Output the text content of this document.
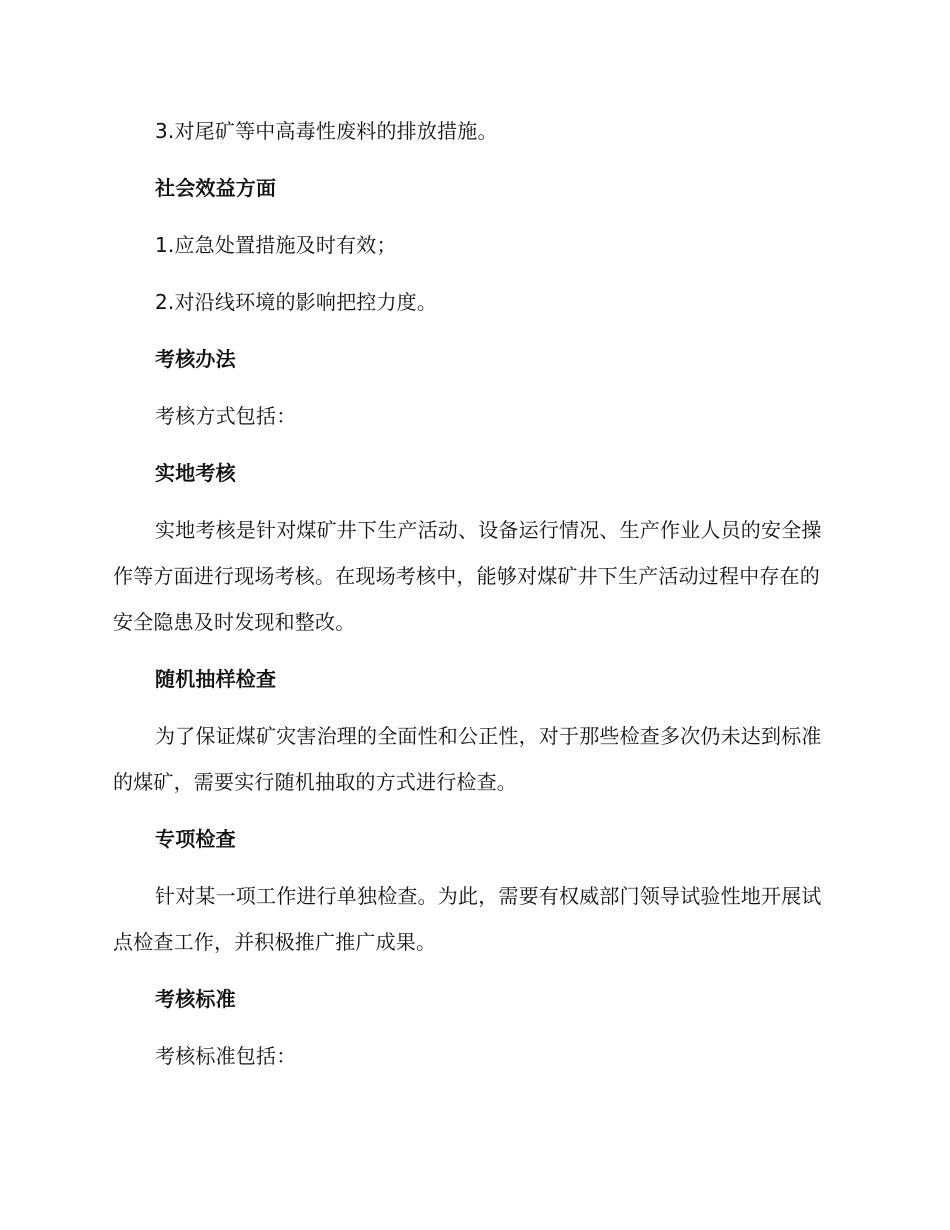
3.对尾矿等中高毒性废料的排放措施。

社会效益方面

1.应急处置措施及时有效；

2.对沿线环境的影响把控力度。

考核办法

考核方式包括：

实地考核

实地考核是针对煤矿井下生产活动、设备运行情况、生产作业人员的安全操作等方面进行现场考核。在现场考核中，能够对煤矿井下生产活动过程中存在的安全隐患及时发现和整改。

随机抽样检查

为了保证煤矿灾害治理的全面性和公正性，对于那些检查多次仍未达到标准的煤矿，需要实行随机抽取的方式进行检查。

专项检查

针对某一项工作进行单独检查。为此，需要有权威部门领导试验性地开展试点检查工作，并积极推广推广成果。

考核标准

考核标准包括：
